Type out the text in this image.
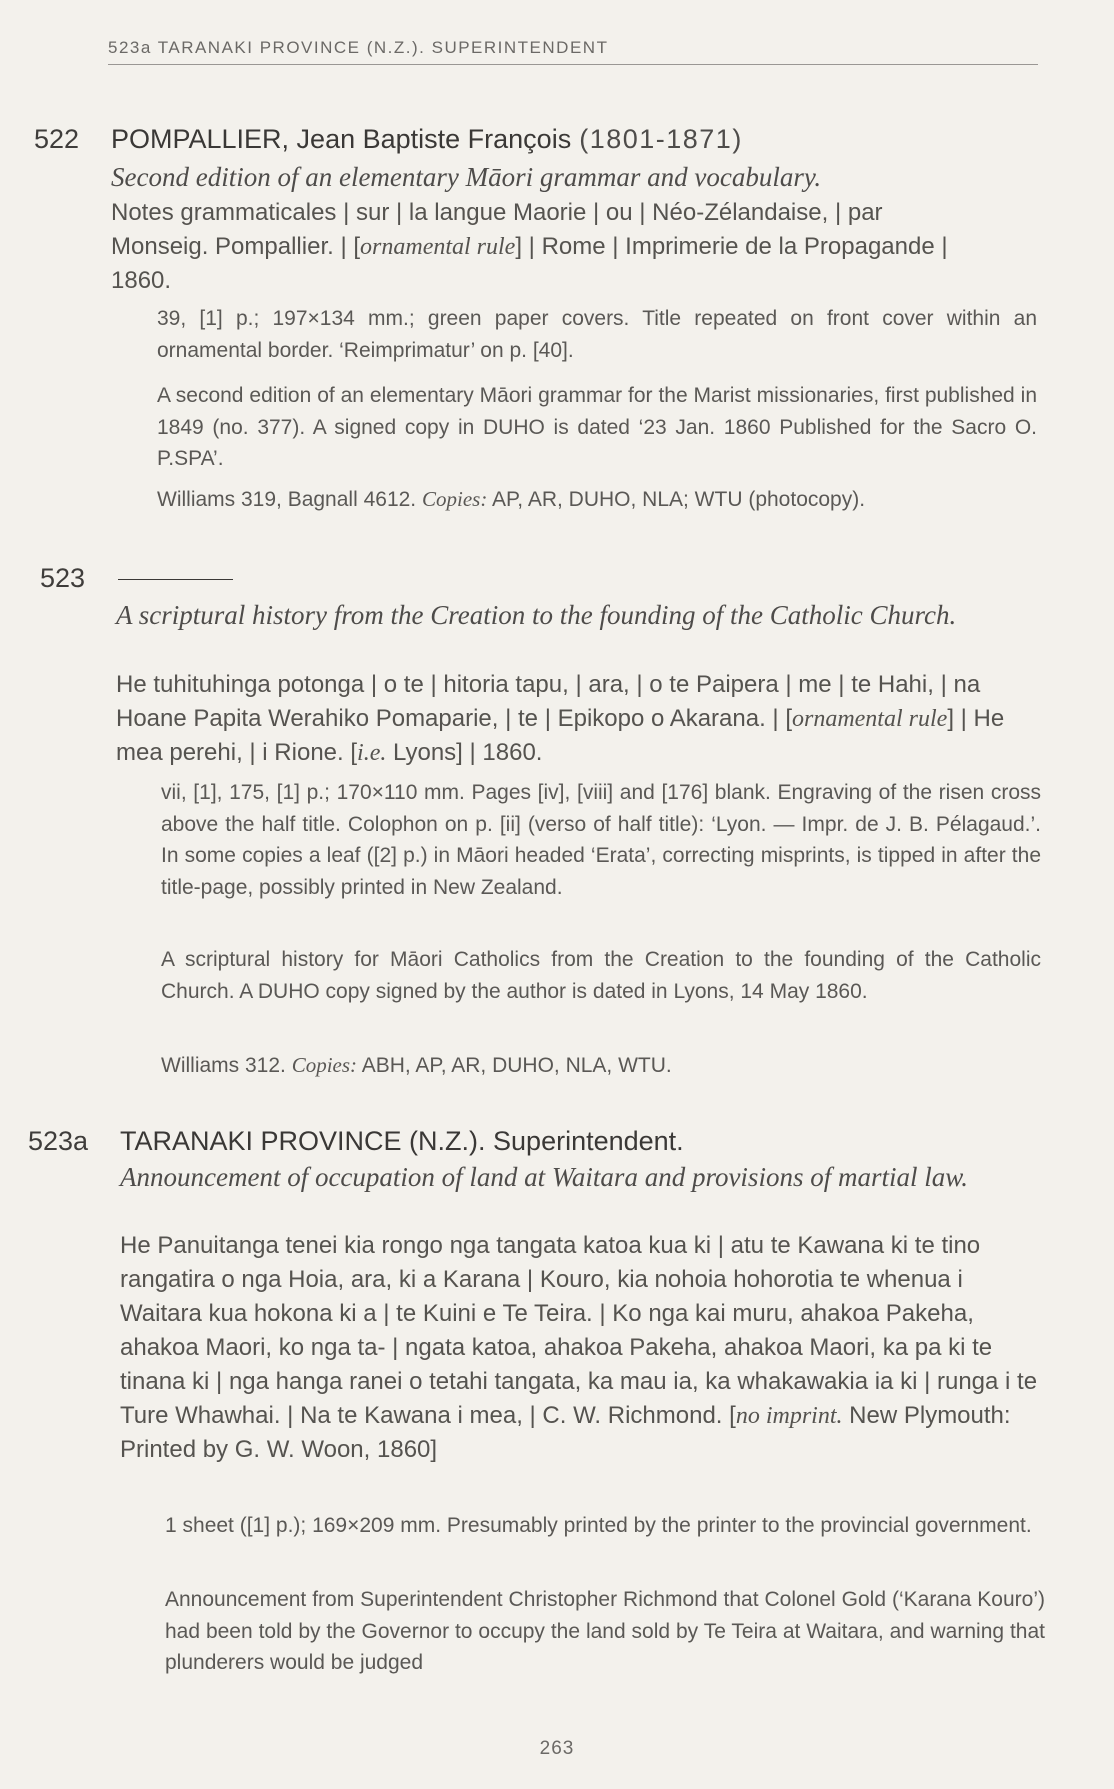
523a TARANAKI PROVINCE (N.Z.). SUPERINTENDENT
522 POMPALLIER, Jean Baptiste François (1801-1871)
Second edition of an elementary Māori grammar and vocabulary.
Notes grammaticales | sur | la langue Maorie | ou | Néo-Zélandaise, | par Monseig. Pompallier. | [ornamental rule] | Rome | Imprimerie de la Propagande | 1860.
39, [1] p.; 197×134 mm.; green paper covers. Title repeated on front cover within an ornamental border. ‘Reimprimatur’ on p. [40].
A second edition of an elementary Māori grammar for the Marist missionaries, first published in 1849 (no. 377). A signed copy in DUHO is dated ‘23 Jan. 1860 Published for the Sacro O. P.SPA’.
Williams 319, Bagnall 4612. Copies: AP, AR, DUHO, NLA; WTU (photocopy).
523
A scriptural history from the Creation to the founding of the Catholic Church.
He tuhituhinga potonga | o te | hitoria tapu, | ara, | o te Paipera | me | te Hahi, | na Hoane Papita Werahiko Pomaparie, | te | Epikopo o Akarana. | [ornamental rule] | He mea perehi, | i Rione. [i.e. Lyons] | 1860.
vii, [1], 175, [1] p.; 170×110 mm. Pages [iv], [viii] and [176] blank. Engraving of the risen cross above the half title. Colophon on p. [ii] (verso of half title): ‘Lyon. — Impr. de J. B. Pélagaud.’. In some copies a leaf ([2] p.) in Māori headed ‘Erata’, correcting misprints, is tipped in after the title-page, possibly printed in New Zealand.
A scriptural history for Māori Catholics from the Creation to the founding of the Catholic Church. A DUHO copy signed by the author is dated in Lyons, 14 May 1860.
Williams 312. Copies: ABH, AP, AR, DUHO, NLA, WTU.
523a TARANAKI PROVINCE (N.Z.). Superintendent.
Announcement of occupation of land at Waitara and provisions of martial law.
He Panuitanga tenei kia rongo nga tangata katoa kua ki | atu te Kawana ki te tino rangatira o nga Hoia, ara, ki a Karana | Kouro, kia nohoia hohorotia te whenua i Waitara kua hokona ki a | te Kuini e Te Teira. | Ko nga kai muru, ahakoa Pakeha, ahakoa Maori, ko nga ta- | ngata katoa, ahakoa Pakeha, ahakoa Maori, ka pa ki te tinana ki | nga hanga ranei o tetahi tangata, ka mau ia, ka whakawakia ia ki | runga i te Ture Whawhai. | Na te Kawana i mea, | C. W. Richmond. [no imprint. New Plymouth: Printed by G. W. Woon, 1860]
1 sheet ([1] p.); 169×209 mm. Presumably printed by the printer to the provincial government.
Announcement from Superintendent Christopher Richmond that Colonel Gold (‘Karana Kouro’) had been told by the Governor to occupy the land sold by Te Teira at Waitara, and warning that plunderers would be judged
263
